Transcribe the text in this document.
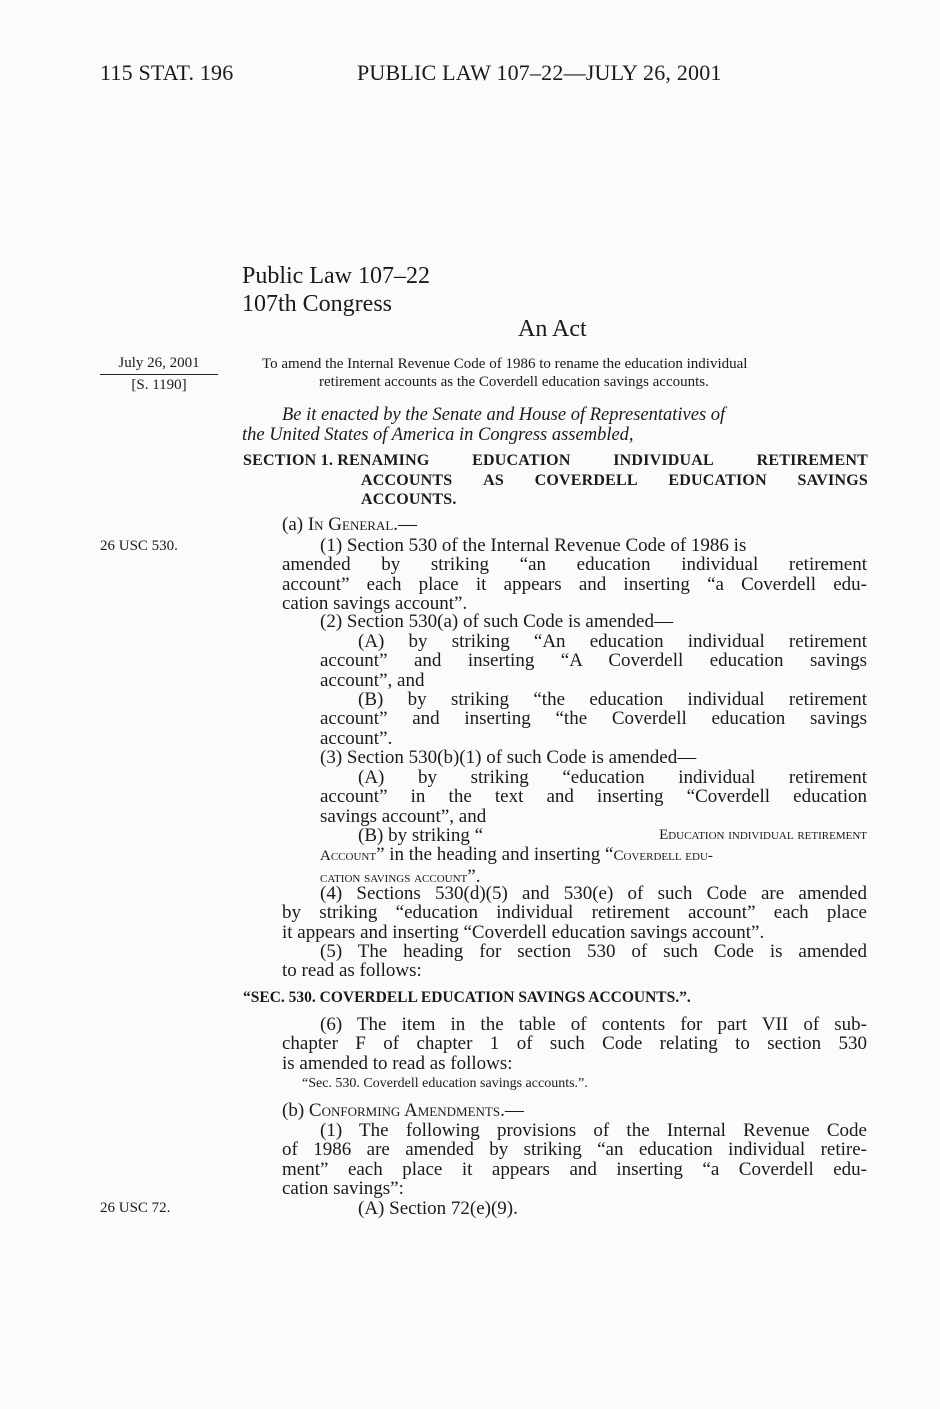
115 STAT. 196	PUBLIC LAW 107–22—JULY 26, 2001
Public Law 107–22
107th Congress
An Act
July 26, 2001
[S. 1190]
26 USC 530.
26 USC 72.
To amend the Internal Revenue Code of 1986 to rename the education individual
retirement accounts as the Coverdell education savings accounts.
Be it enacted by the Senate and House of Representatives of
the United States of America in Congress assembled,
SECTION 1. RENAMING	EDUCATION	INDIVIDUAL	RETIREMENT
ACCOUNTS AS COVERDELL EDUCATION SAVINGS
ACCOUNTS.
(a) In General.—
(1) Section 530 of the Internal Revenue Code of 1986 is
amended by striking “an education individual retirement
account” each place it appears and inserting “a Coverdell edu-
cation savings account”.
(2) Section 530(a) of such Code is amended—
(A) by striking “An education individual retirement
account” and inserting “A Coverdell education savings
account”, and
(B) by striking “the education individual retirement
account” and inserting “the Coverdell education savings
account”.
(3) Section 530(b)(1) of such Code is amended—
(A) by striking “education individual retirement
account” in the text and inserting “Coverdell education
savings account”, and
(B) by striking “	Education individual retirement
Account” in the heading and inserting “Coverdell edu-
cation savings account”.
(4) Sections 530(d)(5) and 530(e) of such Code are amended
by striking “education individual retirement account” each place
it appears and inserting “Coverdell education savings account”.
(5) The heading for section 530 of such Code is amended
to read as follows:
“SEC. 530. COVERDELL EDUCATION SAVINGS ACCOUNTS.”.
(6) The item in the table of contents for part VII of sub-
chapter F of chapter 1 of such Code relating to section 530
is amended to read as follows:
“Sec. 530. Coverdell education savings accounts.”.
(b) Conforming Amendments.—
(1) The following provisions of the Internal Revenue Code
of 1986 are amended by striking “an education individual retire-
ment” each place it appears and inserting “a Coverdell edu-
cation savings”:
(A) Section 72(e)(9).
